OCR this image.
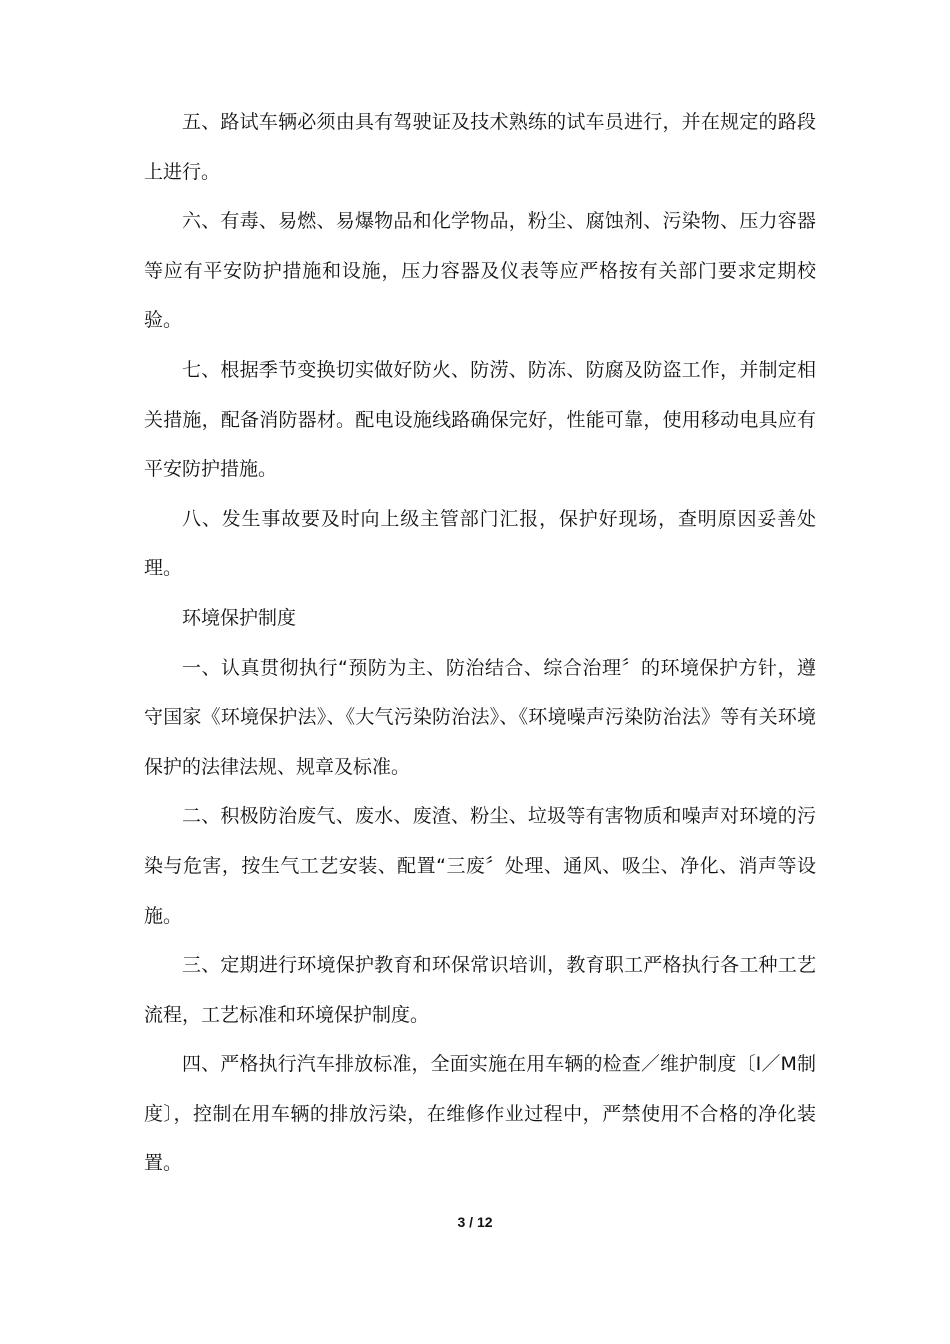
五、路试车辆必须由具有驾驶证及技术熟练的试车员进行，并在规定的路段上进行。

六、有毒、易燃、易爆物品和化学物品，粉尘、腐蚀剂、污染物、压力容器等应有平安防护措施和设施，压力容器及仪表等应严格按有关部门要求定期校验。

七、根据季节变换切实做好防火、防涝、防冻、防腐及防盗工作，并制定相关措施，配备消防器材。配电设施线路确保完好，性能可靠，使用移动电具应有平安防护措施。

八、发生事故要及时向上级主管部门汇报，保护好现场，查明原因妥善处理。

环境保护制度

一、认真贯彻执行“预防为主、防治结合、综合治理〞的环境保护方针，遵守国家《环境保护法》、《大气污染防治法》、《环境噪声污染防治法》等有关环境保护的法律法规、规章及标准。

二、积极防治废气、废水、废渣、粉尘、垃圾等有害物质和噪声对环境的污染与危害，按生气工艺安装、配置“三废〞处理、通风、吸尘、净化、消声等设施。

三、定期进行环境保护教育和环保常识培训，教育职工严格执行各工种工艺流程，工艺标准和环境保护制度。

四、严格执行汽车排放标准，全面实施在用车辆的检查／维护制度〔I／M制度〕，控制在用车辆的排放污染，在维修作业过程中，严禁使用不合格的净化装置。

3 / 12
